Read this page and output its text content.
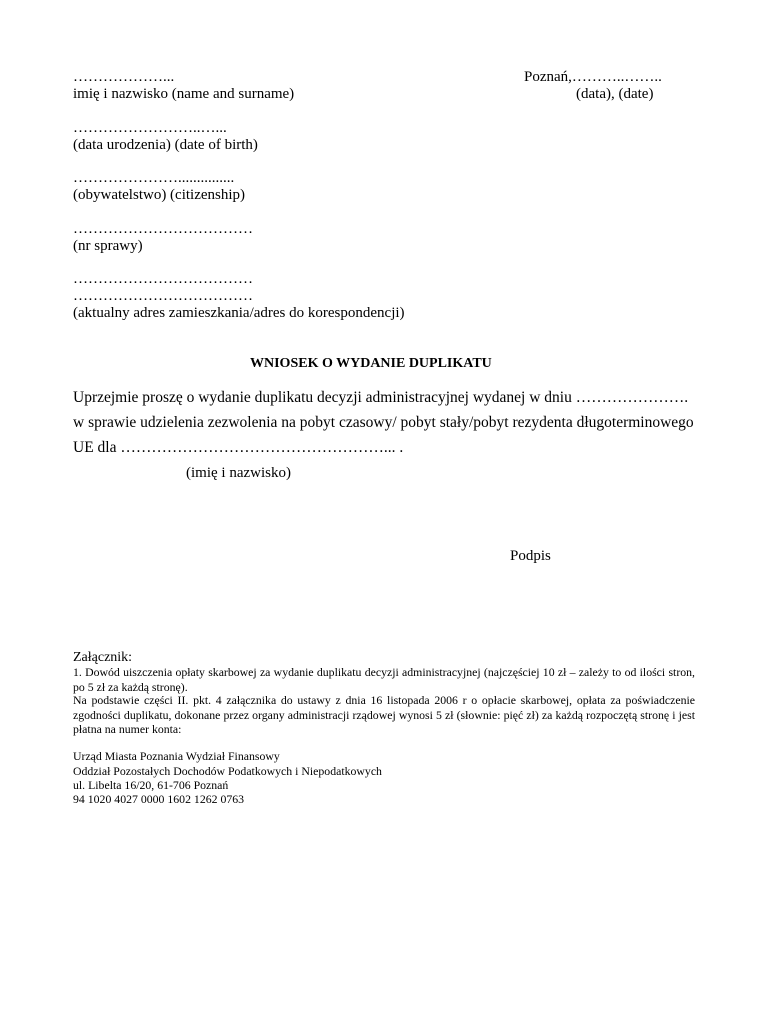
………………...
imię i nazwisko (name and surname)
Poznań,………..……..
(data), (date)
……………………..…...
(data urodzenia) (date of birth)
…………………...............
(obywatelstwo) (citizenship)
………………………………
(nr sprawy)
………………………………
………………………………
(aktualny adres zamieszkania/adres do korespondencji)
WNIOSEK O WYDANIE DUPLIKATU
Uprzejmie proszę o wydanie duplikatu decyzji administracyjnej wydanej w dniu ………………….
w sprawie udzielenia zezwolenia na pobyt czasowy/ pobyt stały/pobyt rezydenta długoterminowego
UE dla ……………………………………………... .
(imię i nazwisko)
Podpis
Załącznik:
1. Dowód uiszczenia opłaty skarbowej za wydanie duplikatu decyzji administracyjnej (najczęściej 10 zł – zależy to od ilości stron, po 5 zł za każdą stronę).
Na podstawie części II. pkt. 4 załącznika do ustawy z dnia 16 listopada 2006 r o opłacie skarbowej, opłata za poświadczenie zgodności duplikatu, dokonane przez organy administracji rządowej wynosi 5 zł (słownie: pięć zł) za każdą rozpoczętą stronę i jest płatna na numer konta:
Urząd Miasta Poznania Wydział Finansowy
Oddział Pozostałych Dochodów Podatkowych i Niepodatkowych
ul. Libelta 16/20, 61-706 Poznań
94 1020 4027 0000 1602 1262 0763
